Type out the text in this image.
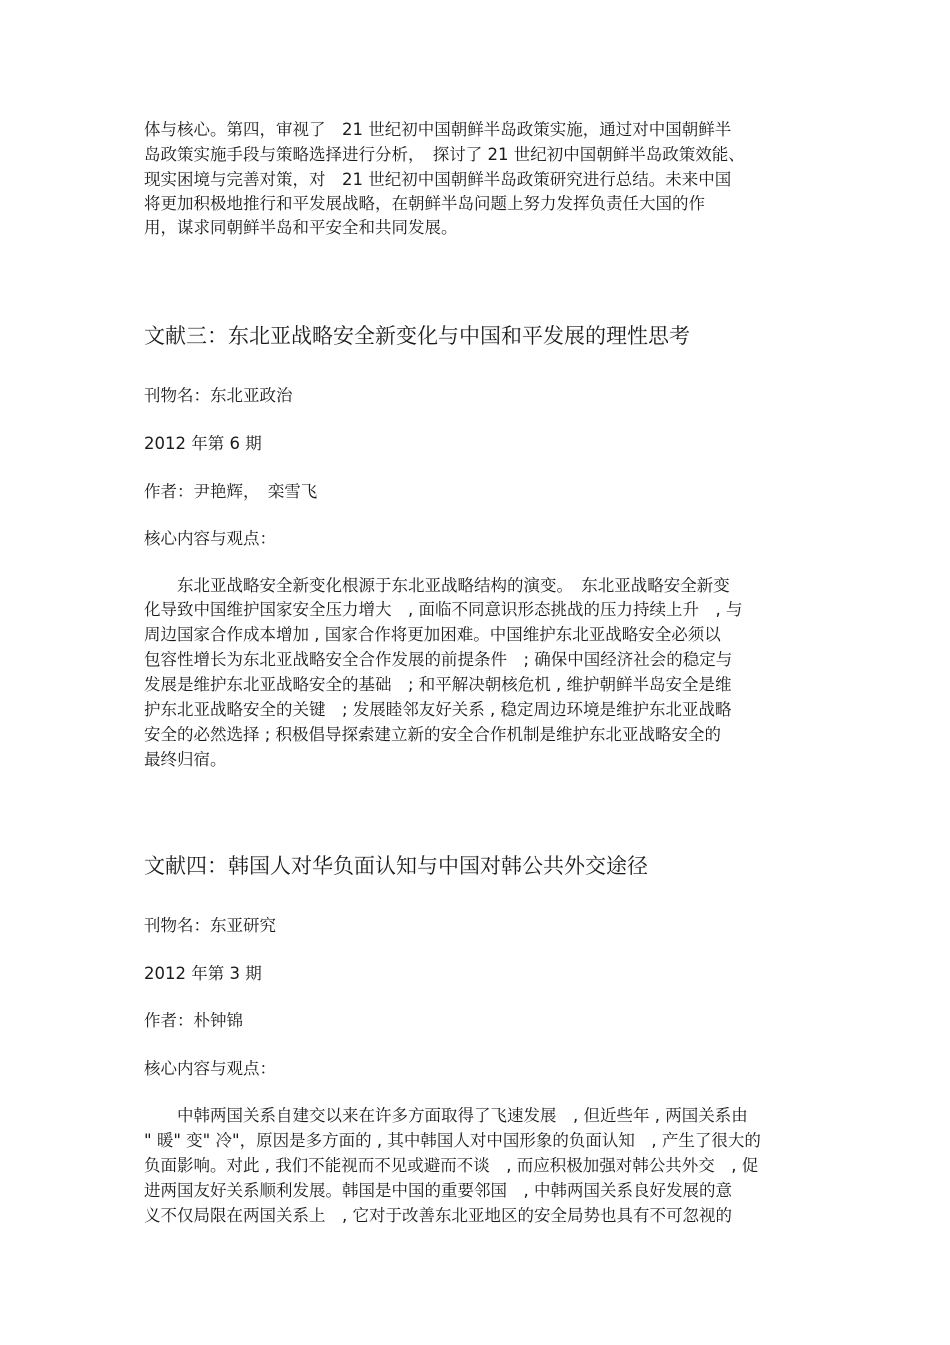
体与核心。第四，审视了　21 世纪初中国朝鲜半岛政策实施，通过对中国朝鲜半
岛政策实施手段与策略选择进行分析，　探讨了 21 世纪初中国朝鲜半岛政策效能、
现实困境与完善对策，对　21 世纪初中国朝鲜半岛政策研究进行总结。未来中国
将更加积极地推行和平发展战略，在朝鲜半岛问题上努力发挥负责任大国的作
用，谋求同朝鲜半岛和平安全和共同发展。
文献三：东北亚战略安全新变化与中国和平发展的理性思考
刊物名：东北亚政治
2012 年第 6 期
作者：尹艳辉，　栾雪飞
核心内容与观点：
　　东北亚战略安全新变化根源于东北亚战略结构的演变。　东北亚战略安全新变
化导致中国维护国家安全压力增大　, 面临不同意识形态挑战的压力持续上升　, 与
周边国家合作成本增加 , 国家合作将更加困难。中国维护东北亚战略安全必须以
包容性增长为东北亚战略安全合作发展的前提条件　; 确保中国经济社会的稳定与
发展是维护东北亚战略安全的基础　; 和平解决朝核危机 , 维护朝鲜半岛安全是维
护东北亚战略安全的关键　; 发展睦邻友好关系 , 稳定周边环境是维护东北亚战略
安全的必然选择 ; 积极倡导探索建立新的安全合作机制是维护东北亚战略安全的
最终归宿。
文献四：韩国人对华负面认知与中国对韩公共外交途径
刊物名：东亚研究
2012 年第 3 期
作者：朴钟锦
核心内容与观点：
　　中韩两国关系自建交以来在许多方面取得了飞速发展　, 但近些年 , 两国关系由
" 暖" 变" 冷"，原因是多方面的 , 其中韩国人对中国形象的负面认知　, 产生了很大的
负面影响。对此 , 我们不能视而不见或避而不谈　, 而应积极加强对韩公共外交　, 促
进两国友好关系顺利发展。韩国是中国的重要邻国　, 中韩两国关系良好发展的意
义不仅局限在两国关系上　, 它对于改善东北亚地区的安全局势也具有不可忽视的
